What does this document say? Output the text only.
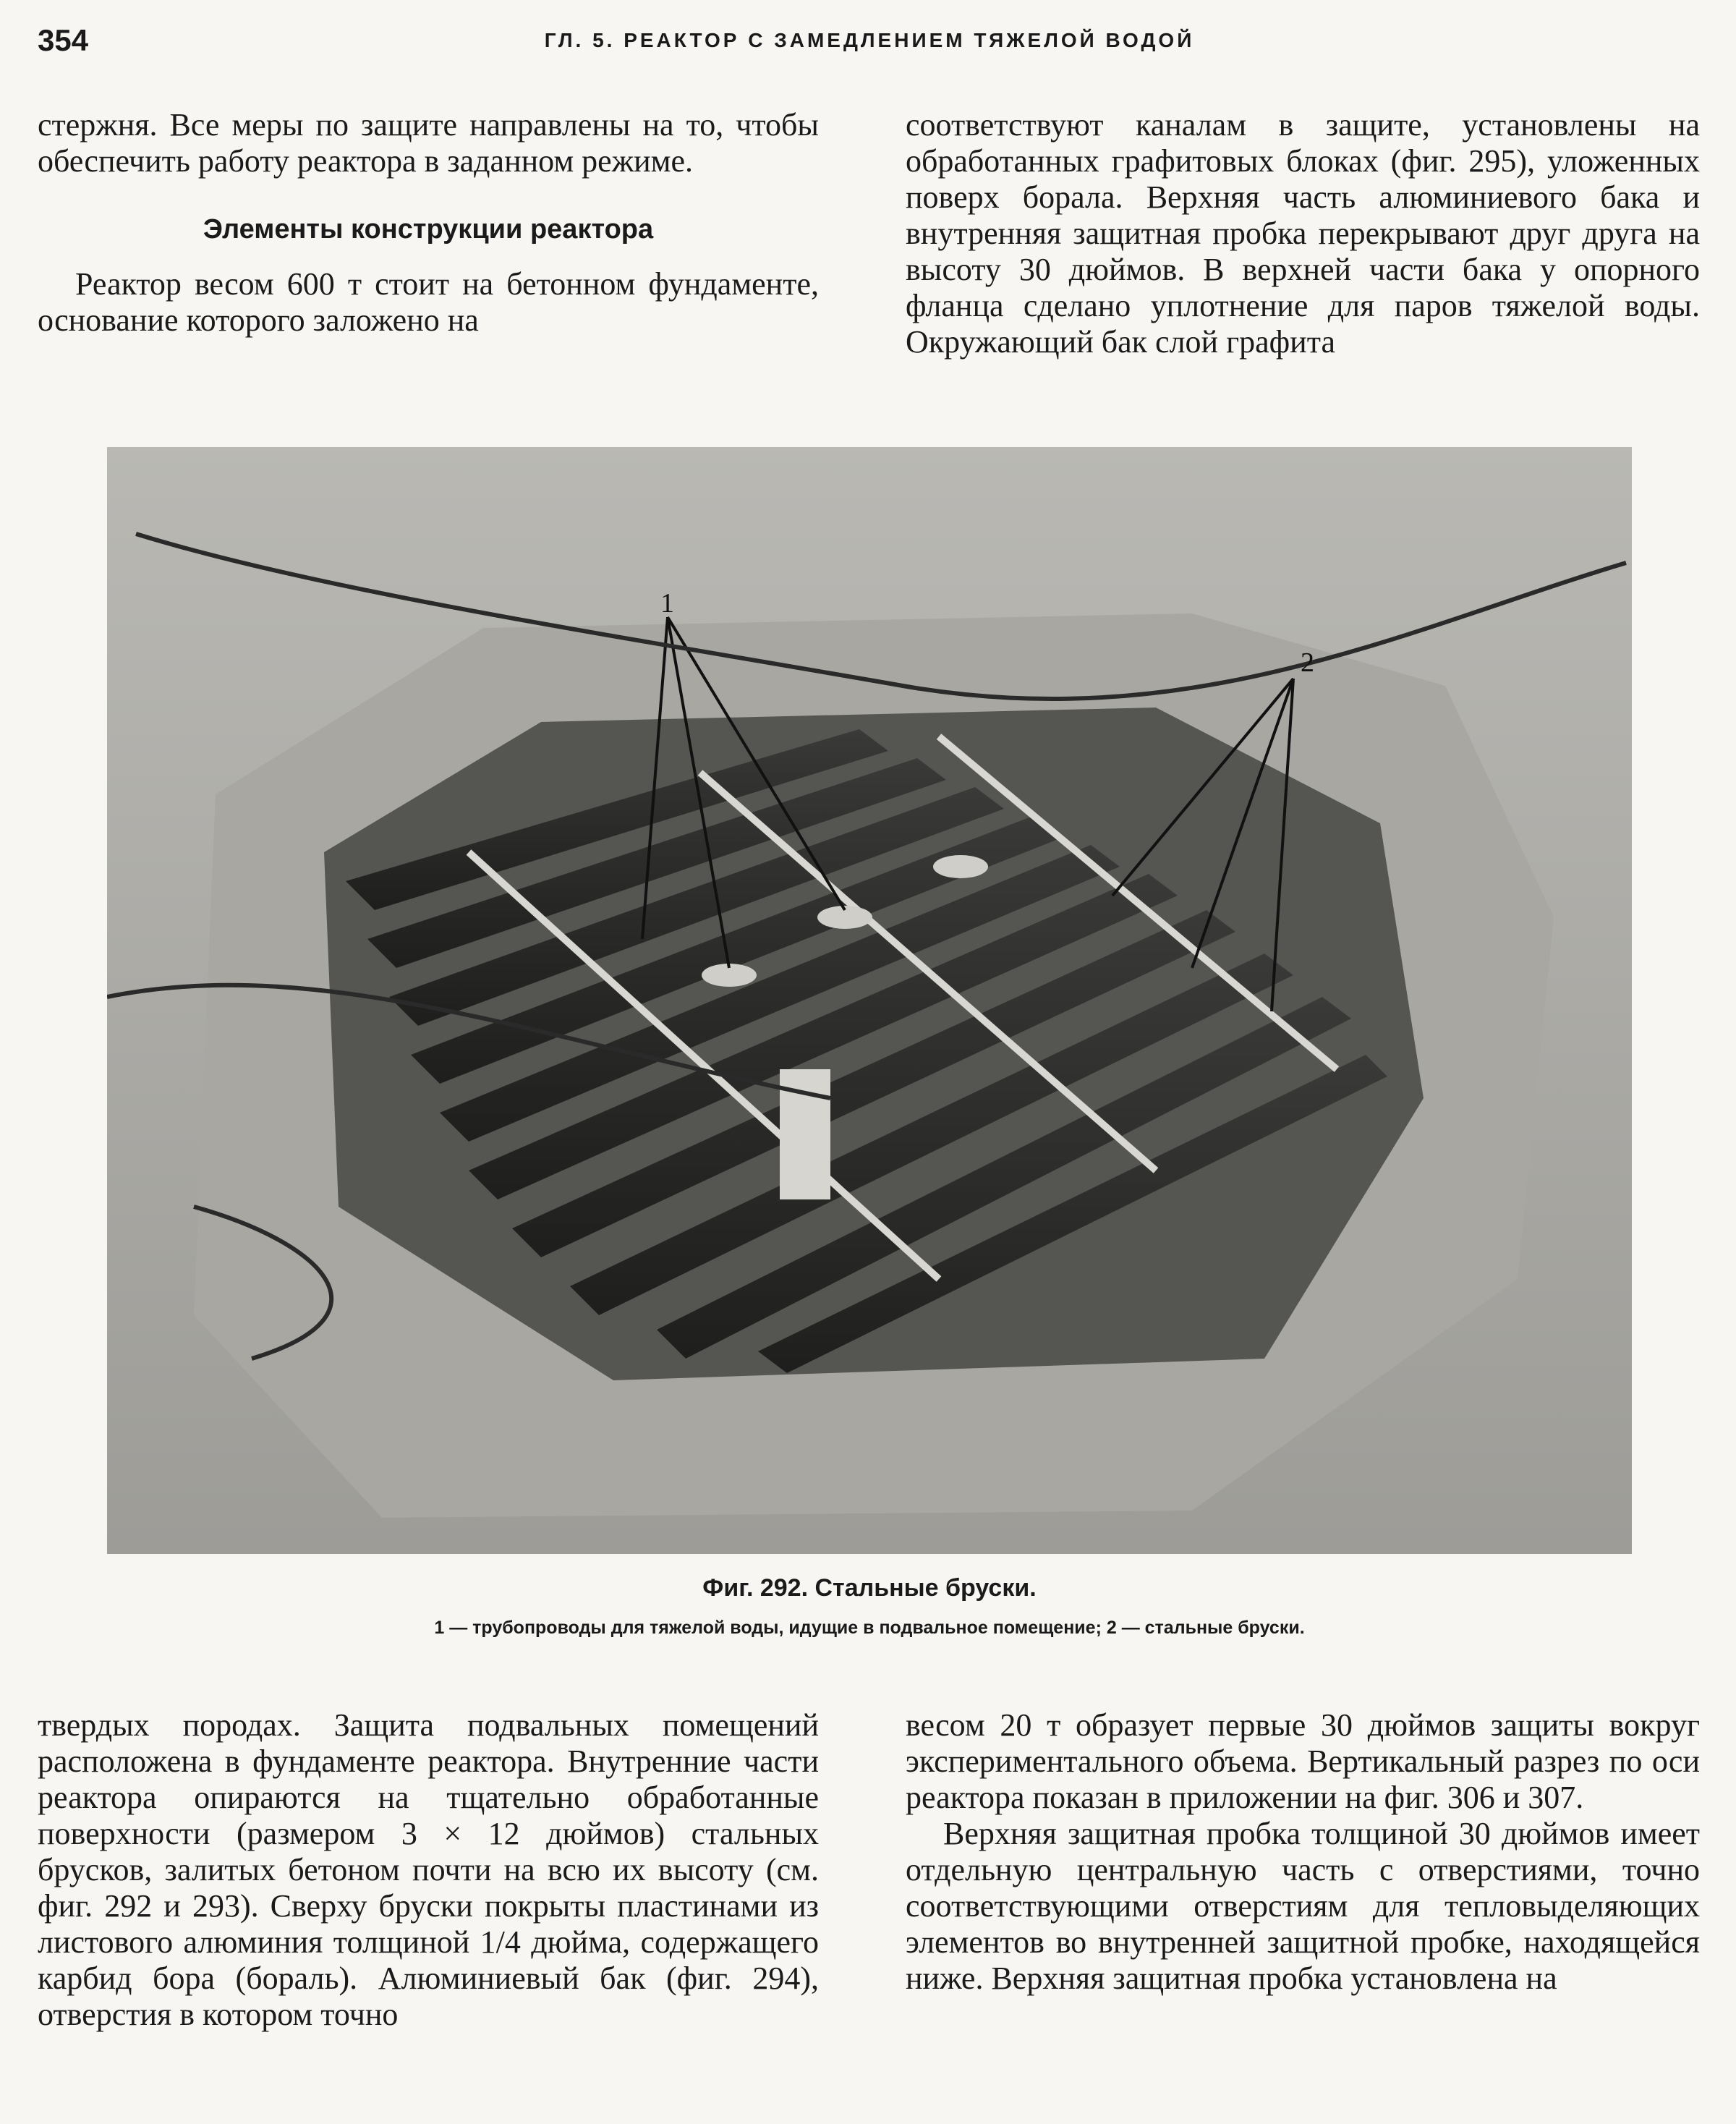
354	ГЛ. 5. РЕАКТОР С ЗАМЕДЛЕНИЕМ ТЯЖЕЛОЙ ВОДОЙ

стержня. Все меры по защите направлены на то, чтобы обеспечить работу реактора в заданном режиме.

Элементы конструкции реактора

Реактор весом 600 т стоит на бетонном фундаменте, основание которого заложено на

соответствуют каналам в защите, установлены на обработанных графитовых блоках (фиг. 295), уложенных поверх борала. Верхняя часть алюминиевого бака и внутренняя защитная пробка перекрывают друг друга на высоту 30 дюймов. В верхней части бака у опорного фланца сделано уплотнение для паров тяжелой воды. Окружающий бак слой графита

1
2
Фиг. 292. Стальные бруски.
1 — трубопроводы для тяжелой воды, идущие в подвальное помещение; 2 — стальные бруски.

твердых породах. Защита подвальных помещений расположена в фундаменте реактора. Внутренние части реактора опираются на тщательно обработанные поверхности (размером 3 × 12 дюймов) стальных брусков, залитых бетоном почти на всю их высоту (см. фиг. 292 и 293). Сверху бруски покрыты пластинами из листового алюминия толщиной 1/4 дюйма, содержащего карбид бора (бораль). Алюминиевый бак (фиг. 294), отверстия в котором точно

весом 20 т образует первые 30 дюймов защиты вокруг экспериментального объема. Вертикальный разрез по оси реактора показан в приложении на фиг. 306 и 307.

Верхняя защитная пробка толщиной 30 дюймов имеет отдельную центральную часть с отверстиями, точно соответствующими отверстиям для тепловыделяющих элементов во внутренней защитной пробке, находящейся ниже. Верхняя защитная пробка установлена на
